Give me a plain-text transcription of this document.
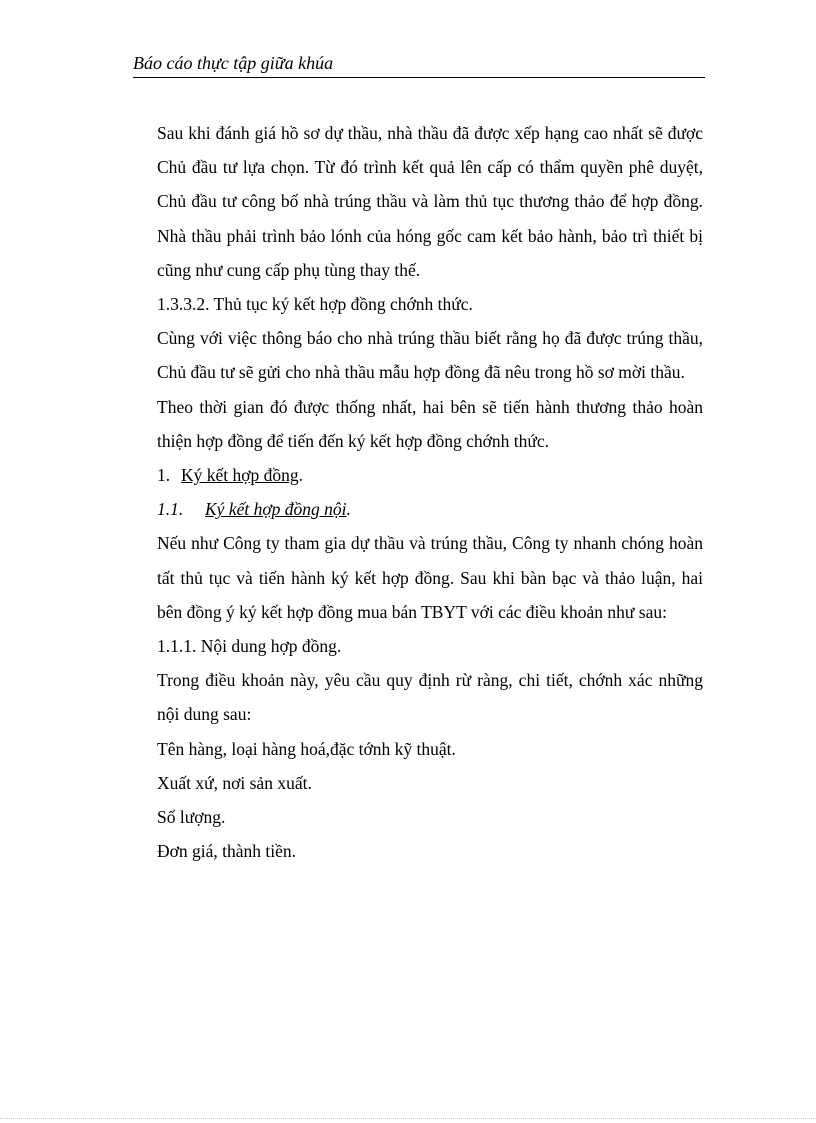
Báo cáo thực tập giữa khúa

Sau khi đánh giá hồ sơ dự thầu, nhà thầu đã được xếp hạng cao nhất sẽ được Chủ đầu tư lựa chọn. Từ đó trình kết quả lên cấp có thẩm quyền phê duyệt, Chủ đầu tư công bố nhà trúng thầu và làm thủ tục thương thảo để hợp đồng. Nhà thầu phải trình bảo lónh của hóng gốc cam kết bảo hành, bảo trì thiết bị cũng như cung cấp phụ tùng thay thế.

1.3.3.2. Thủ tục ký kết hợp đồng chớnh thức.

Cùng với việc thông báo cho nhà trúng thầu biết rằng họ đã được trúng thầu, Chủ đầu tư sẽ gửi cho nhà thầu mẫu hợp đồng đã nêu trong hồ sơ mời thầu.

Theo thời gian đó được thống nhất, hai bên sẽ tiến hành thương thảo hoàn thiện hợp đồng để tiến đến ký kết hợp đồng chớnh thức.

1. Ký kết hợp đồng.

1.1. Ký kết hợp đồng nội.

Nếu như Công ty tham gia dự thầu và trúng thầu, Công ty nhanh chóng hoàn tất thủ tục và tiến hành ký kết hợp đồng. Sau khi bàn bạc và thảo luận, hai bên đồng ý ký kết hợp đồng mua bán TBYT với các điều khoản như sau:

1.1.1. Nội dung hợp đồng.

Trong điều khoản này, yêu cầu quy định rừ ràng, chi tiết, chớnh xác những nội dung sau:

Tên hàng, loại hàng hoá,đặc tớnh kỹ thuật.

Xuất xứ, nơi sản xuất.

Số lượng.

Đơn giá, thành tiền.
